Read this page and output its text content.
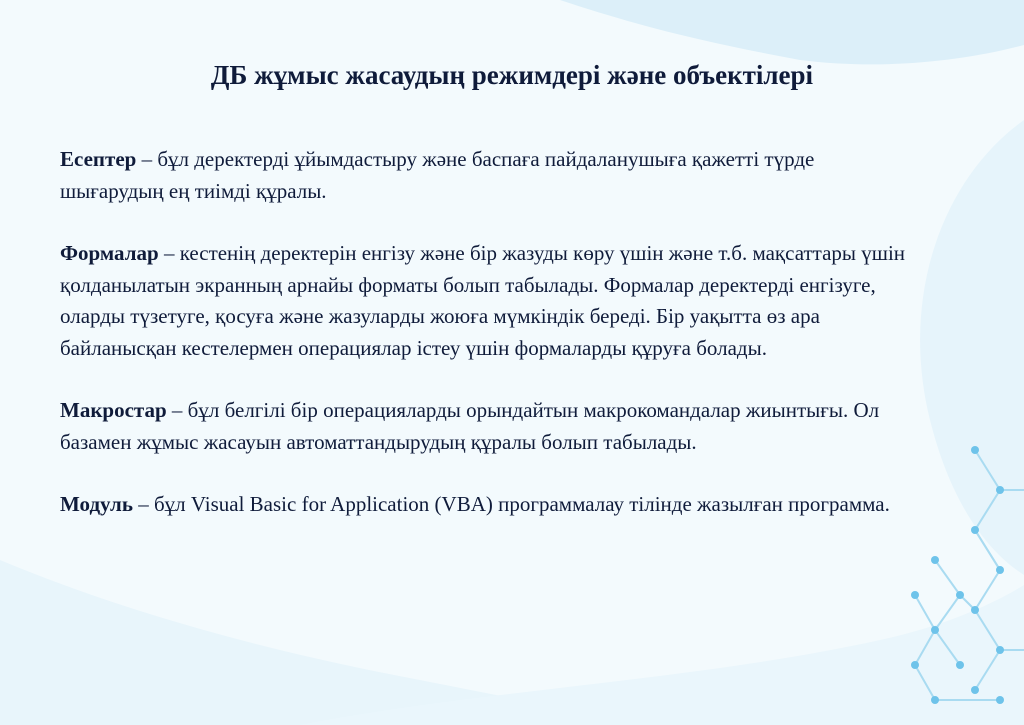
ДБ жұмыс жасаудың режимдері және объектілері

Есептер – бұл деректерді ұйымдастыру және баспаға пайдаланушыға қажетті түрде шығарудың ең тиімді құралы.

Формалар – кестенің деректерін енгізу және бір жазуды көру үшін және т.б. мақсаттары үшін қолданылатын экранның арнайы форматы болып табылады. Формалар деректерді енгізуге, оларды түзетуге, қосуға және жазуларды жоюға мүмкіндік береді. Бір уақытта өз ара байланысқан кестелермен операциялар істеу үшін формаларды құруға болады.

Макростар – бұл белгілі бір операцияларды орындайтын макрокомандалар жиынтығы. Ол базамен жұмыс жасауын автоматтандырудың құралы болып табылады.

Модуль – бұл Visual Basic for Application (VBA) программалау тілінде жазылған программа.
